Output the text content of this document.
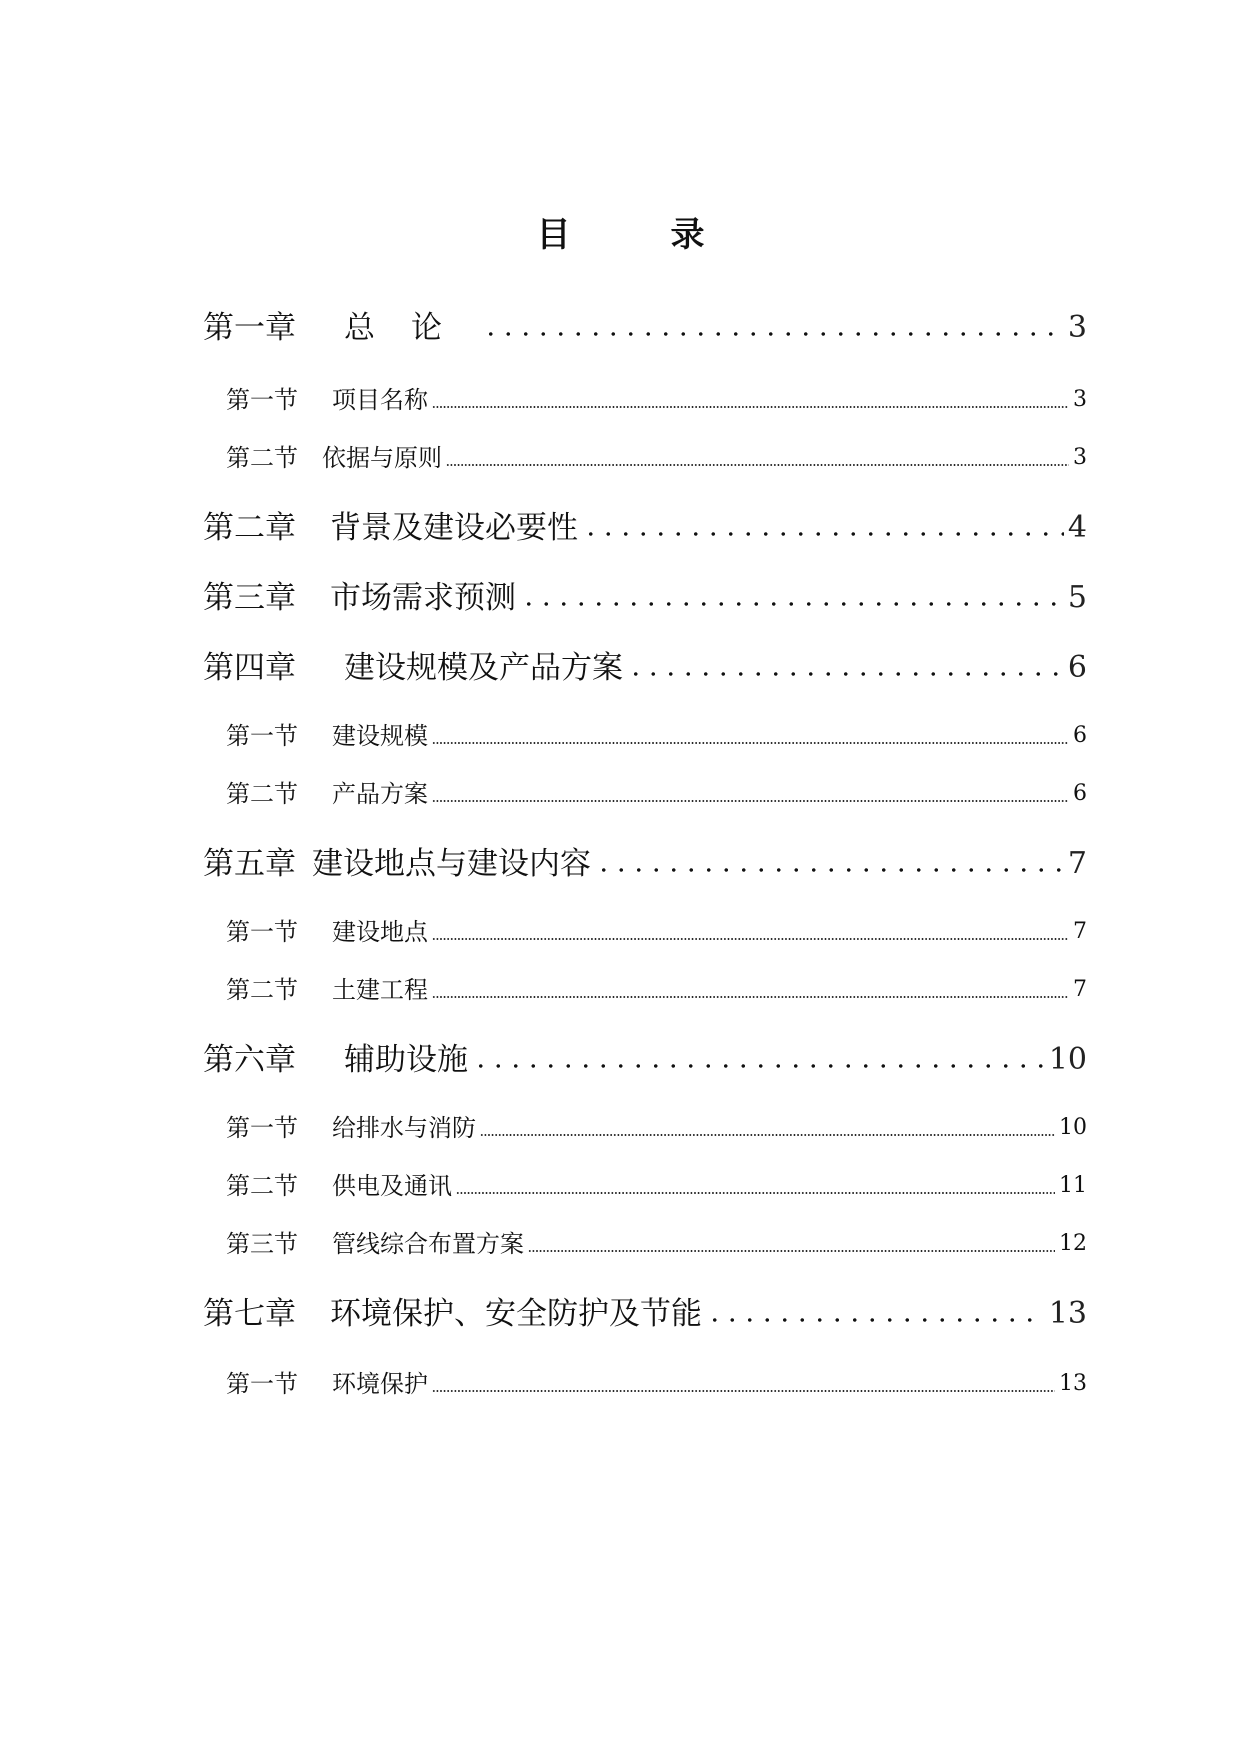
目	录
第一章	总论	3
第一节 项目名称	3
第二节 依据与原则	3
第二章 背景及建设必要性	4
第三章 市场需求预测	5
第四章 建设规模及产品方案	6
第一节 建设规模	6
第二节 产品方案	6
第五章 建设地点与建设内容	7
第一节 建设地点	7
第二节 土建工程	7
第六章 辅助设施	10
第一节 给排水与消防	10
第二节 供电及通讯	11
第三节 管线综合布置方案	12
第七章 环境保护、安全防护及节能	13
第一节 环境保护	13
